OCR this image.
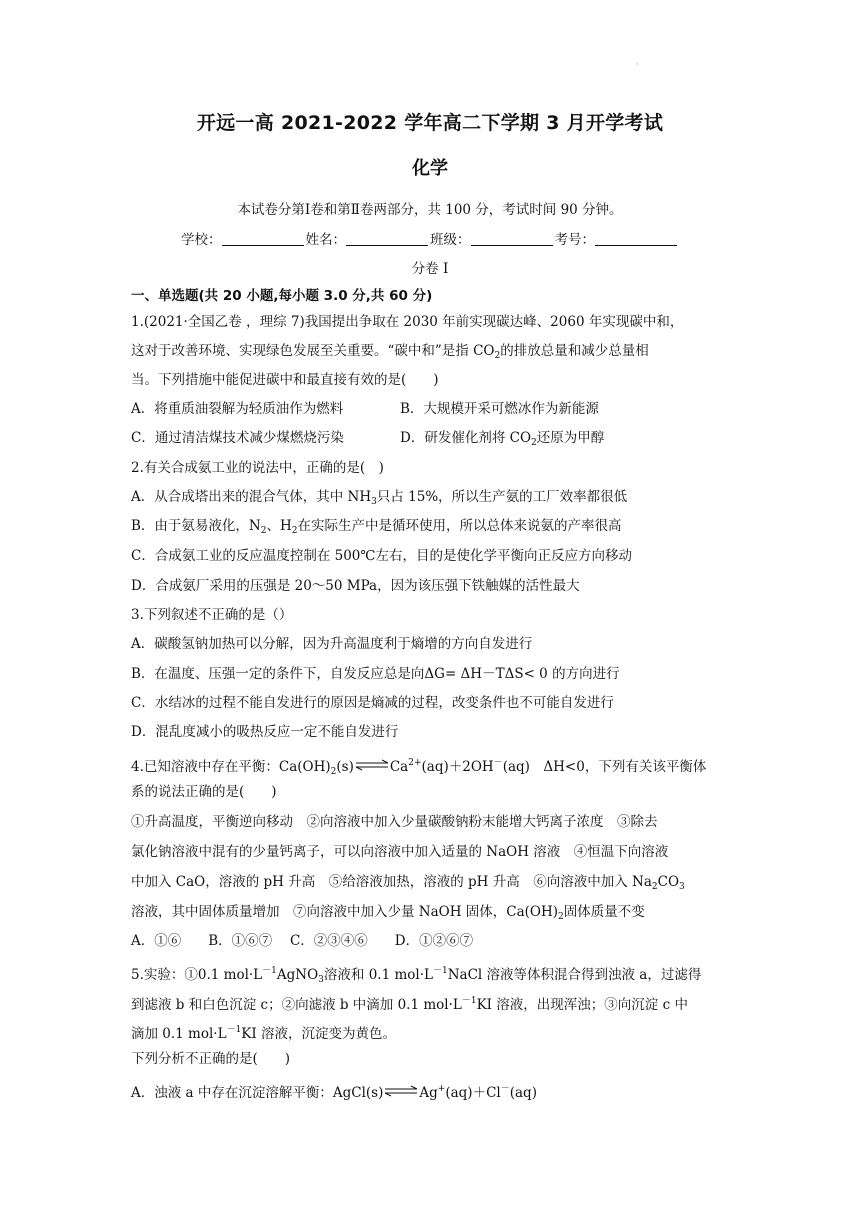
·
开远一高 2021-2022 学年高二下学期 3 月开学考试
化学
本试卷分第Ⅰ卷和第Ⅱ卷两部分，共 100 分，考试时间 90 分钟。
学校：	姓名：	班级：	考号：
分卷 I
一、单选题(共 20 小题,每小题 3.0 分,共 60 分)
1.(2021·全国乙卷 ，理综 7)我国提出争取在 2030 年前实现碳达峰、2060 年实现碳中和，
这对于改善环境、实现绿色发展至关重要。“碳中和”是指 $CO_2$的排放总量和减少总量相
当。下列措施中能促进碳中和最直接有效的是(　　)
A．将重质油裂解为轻质油作为燃料	B．大规模开采可燃冰作为新能源
C．通过清洁煤技术减少煤燃烧污染	D．研发催化剂将 $CO_2$还原为甲醇
2.有关合成氨工业的说法中，正确的是(　)
A．从合成塔出来的混合气体，其中 $NH_3$只占 15%，所以生产氨的工厂效率都很低
B．由于氨易液化，$N_2$、$H_2$在实际生产中是循环使用，所以总体来说氨的产率很高
C．合成氨工业的反应温度控制在 500℃左右，目的是使化学平衡向正反应方向移动
D．合成氨厂采用的压强是 20～50 MPa，因为该压强下铁触媒的活性最大
3.下列叙述不正确的是（）
A．碳酸氢钠加热可以分解，因为升高温度利于熵增的方向自发进行
B．在温度、压强一定的条件下，自发反应总是向ΔG= ΔH－TΔS< 0 的方向进行
C．水结冰的过程不能自发进行的原因是熵减的过程，改变条件也不可能自发进行
D．混乱度减小的吸热反应一定不能自发进行
4.已知溶液中存在平衡：$Ca(OH)_2(s)\rightleftharpoons Ca^{2+}(aq)+2OH^-(aq)$　ΔH<0，下列有关该平衡体
系的说法正确的是(　　)
①升高温度，平衡逆向移动　②向溶液中加入少量碳酸钠粉末能增大钙离子浓度　③除去
氯化钠溶液中混有的少量钙离子，可以向溶液中加入适量的 NaOH 溶液　④恒温下向溶液
中加入 CaO，溶液的 pH 升高　⑤给溶液加热，溶液的 pH 升高　⑥向溶液中加入 $Na_2CO_3$
溶液，其中固体质量增加　⑦向溶液中加入少量 NaOH 固体，$Ca(OH)_2$固体质量不变
A．①⑥　　B．①⑥⑦　 C．②③④⑥　　D．①②⑥⑦
5.实验：①0.1 $mol\cdot L^{-1}AgNO_3$溶液和 0.1 $mol\cdot L^{-1}NaCl$ 溶液等体积混合得到浊液 a，过滤得
到滤液 b 和白色沉淀 c；②向滤液 b 中滴加 0.1 $mol\cdot L^{-1}KI$ 溶液，出现浑浊；③向沉淀 c 中
滴加 0.1 $mol\cdot L^{-1}KI$ 溶液，沉淀变为黄色。
下列分析不正确的是(　　)
A．浊液 a 中存在沉淀溶解平衡：AgCl(s)⇌Ag+(aq)＋Cl－(aq)
